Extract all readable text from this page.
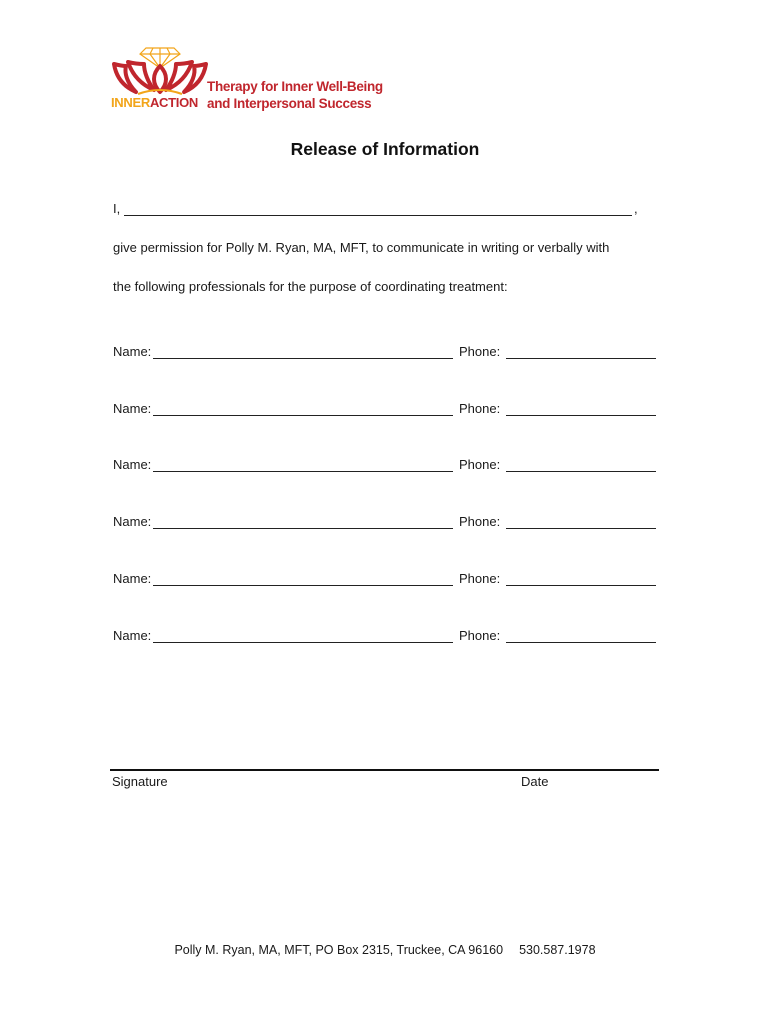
INNERACTION
Therapy for Inner Well-Being
and Interpersonal Success
Release of Information
I,	,
give permission for Polly M. Ryan, MA, MFT, to communicate in writing or verbally with
the following professionals for the purpose of coordinating treatment:
Name:	Phone:
Name:	Phone:
Name:	Phone:
Name:	Phone:
Name:	Phone:
Name:	Phone:
Signature	Date
Polly M. Ryan, MA, MFT, PO Box 2315, Truckee, CA 96160 530.587.1978
